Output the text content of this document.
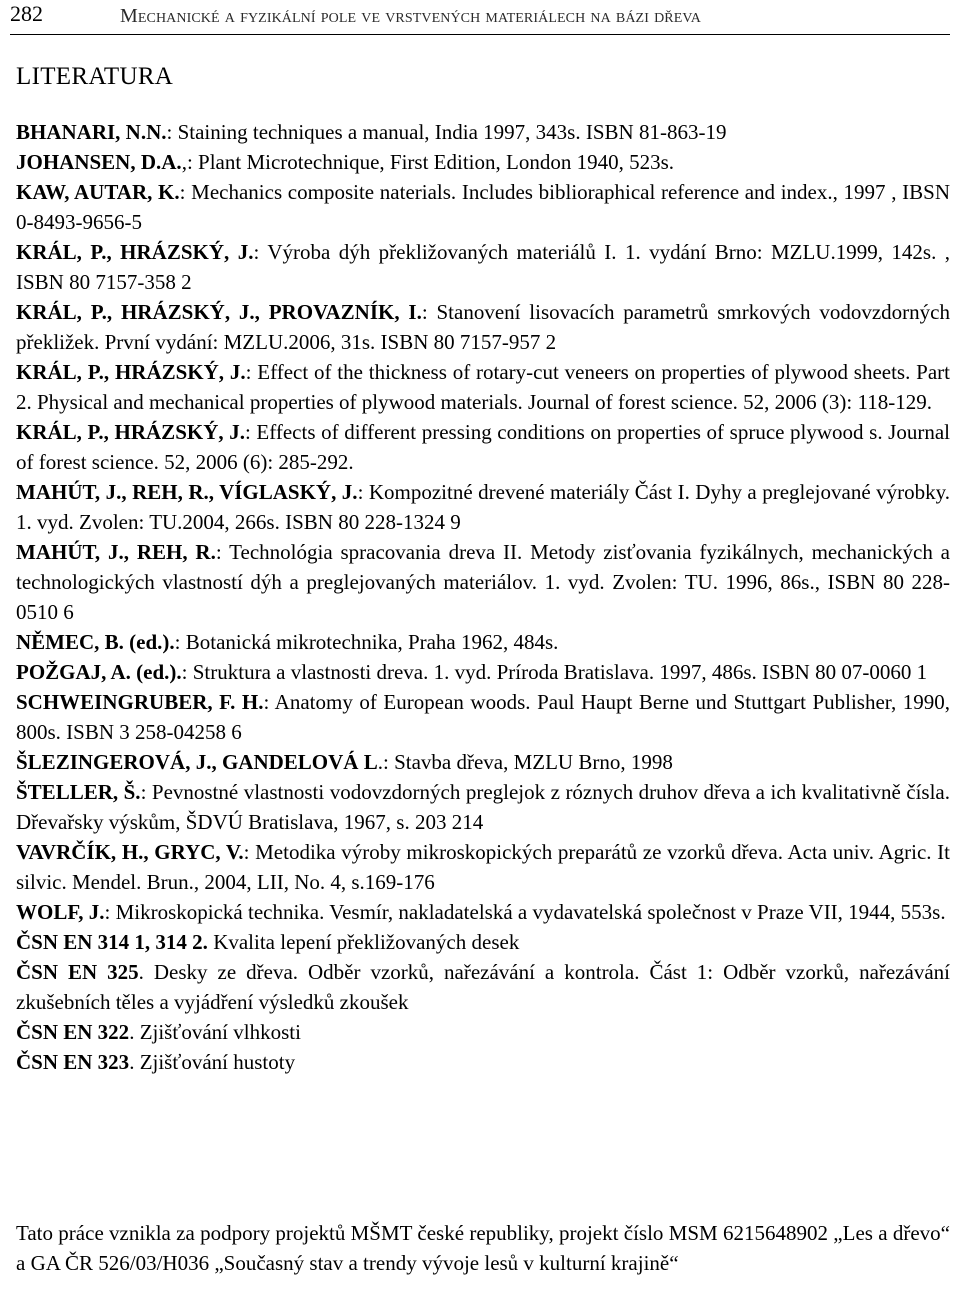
282	Mechanické a fyzikální pole ve vrstvených materiálech na bázi dřeva
LITERATURA

BHANARI, N.N.: Staining techniques a manual, India 1997, 343s. ISBN 81-863-19

JOHANSEN, D.A.,: Plant Microtechnique, First Edition, London 1940, 523s.

KAW, AUTAR, K.: Mechanics composite naterials. Includes biblioraphical reference and index., 1997 , IBSN 0-8493-9656-5

KRÁL, P., HRÁZSKÝ, J.: Výroba dýh překližovaných materiálů I. 1. vydání Brno: MZLU.1999, 142s. , ISBN 80 7157-358 2

KRÁL, P., HRÁZSKÝ, J., PROVAZNÍK, I.: Stanovení lisovacích parametrů smrkových vodovzdorných překližek. První vydání: MZLU.2006, 31s. ISBN 80 7157-957 2

KRÁL, P., HRÁZSKÝ, J.: Effect of the thickness of rotary-cut veneers on properties of plywood sheets. Part 2. Physical and mechanical properties of plywood materials. Journal of forest science. 52, 2006 (3): 118-129.

KRÁL, P., HRÁZSKÝ, J.: Effects of different pressing conditions on properties of spruce plywood s. Journal of forest science. 52, 2006 (6): 285-292.

MAHÚT, J., REH, R., VÍGLASKÝ, J.: Kompozitné drevené materiály Část I. Dyhy a preglejované výrobky. 1. vyd. Zvolen: TU.2004, 266s. ISBN 80 228-1324 9

MAHÚT, J., REH, R.: Technológia spracovania dreva II. Metody zisťovania fyzikálnych, mechanických a technologických vlastností dýh a preglejovaných materiálov. 1. vyd. Zvolen: TU. 1996, 86s., ISBN 80 228-0510 6

NĚMEC, B. (ed.).: Botanická mikrotechnika, Praha 1962, 484s.

POŽGAJ, A. (ed.).: Struktura a vlastnosti dreva. 1. vyd. Príroda Bratislava. 1997, 486s. ISBN 80 07-0060 1

SCHWEINGRUBER, F. H.: Anatomy of European woods. Paul Haupt Berne und Stuttgart Publisher, 1990, 800s. ISBN 3 258-04258 6

ŠLEZINGEROVÁ, J., GANDELOVÁ L.: Stavba dřeva, MZLU Brno, 1998

ŠTELLER, Š.: Pevnostné vlastnosti vodovzdorných preglejok z róznych druhov dřeva a ich kvalitativně čísla. Dřevařsky výskům, ŠDVÚ Bratislava, 1967, s. 203 214

VAVRČÍK, H., GRYC, V.: Metodika výroby mikroskopických preparátů ze vzorků dřeva. Acta univ. Agric. It silvic. Mendel. Brun., 2004, LII, No. 4, s.169-176

WOLF, J.: Mikroskopická technika. Vesmír, nakladatelská a vydavatelská společnost v Praze VII, 1944, 553s.

ČSN EN 314 1, 314 2. Kvalita lepení překližovaných desek

ČSN EN 325. Desky ze dřeva. Odběr vzorků, nařezávání a kontrola. Část 1: Odběr vzorků, nařezávání zkušebních těles a vyjádření výsledků zkoušek

ČSN EN 322. Zjišťování vlhkosti

ČSN EN 323. Zjišťování hustoty

Tato práce vznikla za podpory projektů MŠMT české republiky, projekt číslo MSM 6215648902 „Les a dřevo“ a GA ČR 526/03/H036 „Současný stav a trendy vývoje lesů v kulturní krajině“
